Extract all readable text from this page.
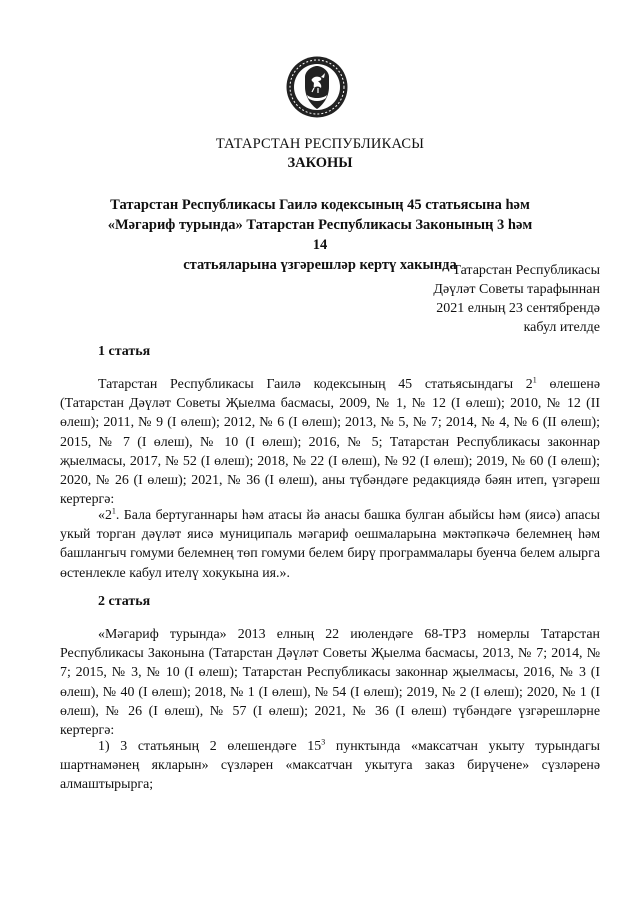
ТАТАРСТАН РЕСПУБЛИКАСЫ
ЗАКОНЫ
Татарстан Республикасы Гаилә кодексының 45 статьясына һәм
«Мәгариф турында» Татарстан Республикасы Законының 3 һәм 14
статьяларына үзгәрешләр кертү хакында
Татарстан Республикасы
Дәүләт Советы тарафыннан
2021 елның 23 сентябрендә
кабул ителде
1 статья

Татарстан Республикасы Гаилә кодексының 45 статьясындагы $2^1$ өлешенә (Татарстан Дәүләт Советы Җыелма басмасы, 2009, № 1, № 12 (I өлеш); 2010, № 12 (II өлеш); 2011, № 9 (I өлеш); 2012, № 6 (I өлеш); 2013, № 5, № 7; 2014, № 4, № 6 (II өлеш); 2015, № 7 (I өлеш), № 10 (I өлеш); 2016, № 5; Татарстан Республикасы законнар җыелмасы, 2017, № 52 (I өлеш); 2018, № 22 (I өлеш), № 92 (I өлеш); 2019, № 60 (I өлеш); 2020, № 26 (I өлеш); 2021, № 36 (I өлеш), аны түбәндәге редакциядә бәян итеп, үзгәреш кертергә:

«$2^1$. Бала бертуганнары һәм атасы йә анасы башка булган абыйсы һәм (яисә) апасы укый торган дәүләт яисә муниципаль мәгариф оешмаларына мәктәпкәчә белемнең һәм башлангыч гомуми белемнең төп гомуми белем бирү программалары буенча белем алырга өстенлекле кабул ителү хокукына ия.».

2 статья

«Мәгариф турында» 2013 елның 22 июлендәге 68-ТРЗ номерлы Татарстан Республикасы Законына (Татарстан Дәүләт Советы Җыелма басмасы, 2013, № 7; 2014, № 7; 2015, № 3, № 10 (I өлеш); Татарстан Республикасы законнар җыелмасы, 2016, № 3 (I өлеш), № 40 (I өлеш); 2018, № 1 (I өлеш), № 54 (I өлеш); 2019, № 2 (I өлеш); 2020, № 1 (I өлеш), № 26 (I өлеш), № 57 (I өлеш); 2021, № 36 (I өлеш) түбәндәге үзгәрешләрне кертергә:

1) 3 статьяның 2 өлешендәге $15^3$ пунктында «максатчан укыту турындагы шартнамәнең якларын» сүзләрен «максатчан укытуга заказ бирүчене» сүзләренә алмаштырырга;
